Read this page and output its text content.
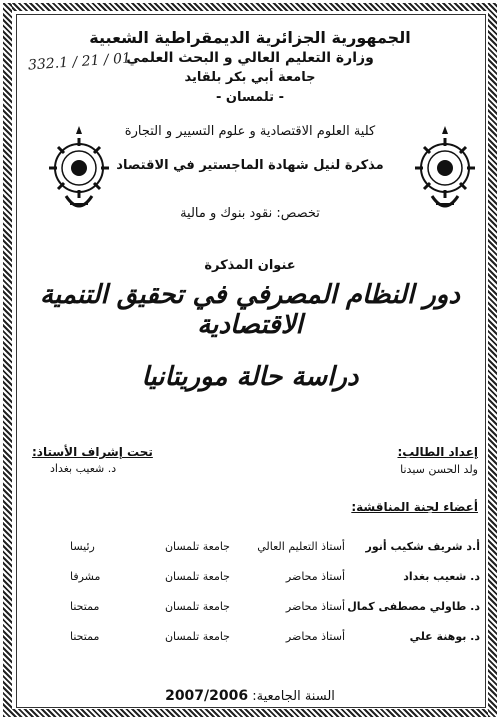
الجمهورية الجزائرية الديمقراطية الشعبية
وزارة التعليم العالي و البحث العلمي
جامعة أبي بكر بلقايد
- تلمسان -
332.1 / 21 / 01
كلية العلوم الاقتصادية و علوم التسيير و التجارة
مذكرة لنيل شهادة الماجستير في الاقتصاد
تخصص: نقود بنوك و مالية
عنوان المذكرة
دور النظام المصرفي في تحقيق التنمية الاقتصادية
دراسة حالة موريتانيا
إعداد الطالب:
ولد الحسن سيدنا
تحت إشراف الأستاذ:
د. شعيب بغداد
أعضاء لجنة المناقشة:
أ.د شريف شكيب أنور
أستاذ التعليم العالي
جامعة تلمسان
رئيسا
د. شعيب بغداد
أستاذ محاضر
جامعة تلمسان
مشرفا
د. طاولي مصطفى كمال
أستاذ محاضر
جامعة تلمسان
ممتحنا
د. بوهنة علي
أستاذ محاضر
جامعة تلمسان
ممتحنا
السنة الجامعية: 2007/2006
